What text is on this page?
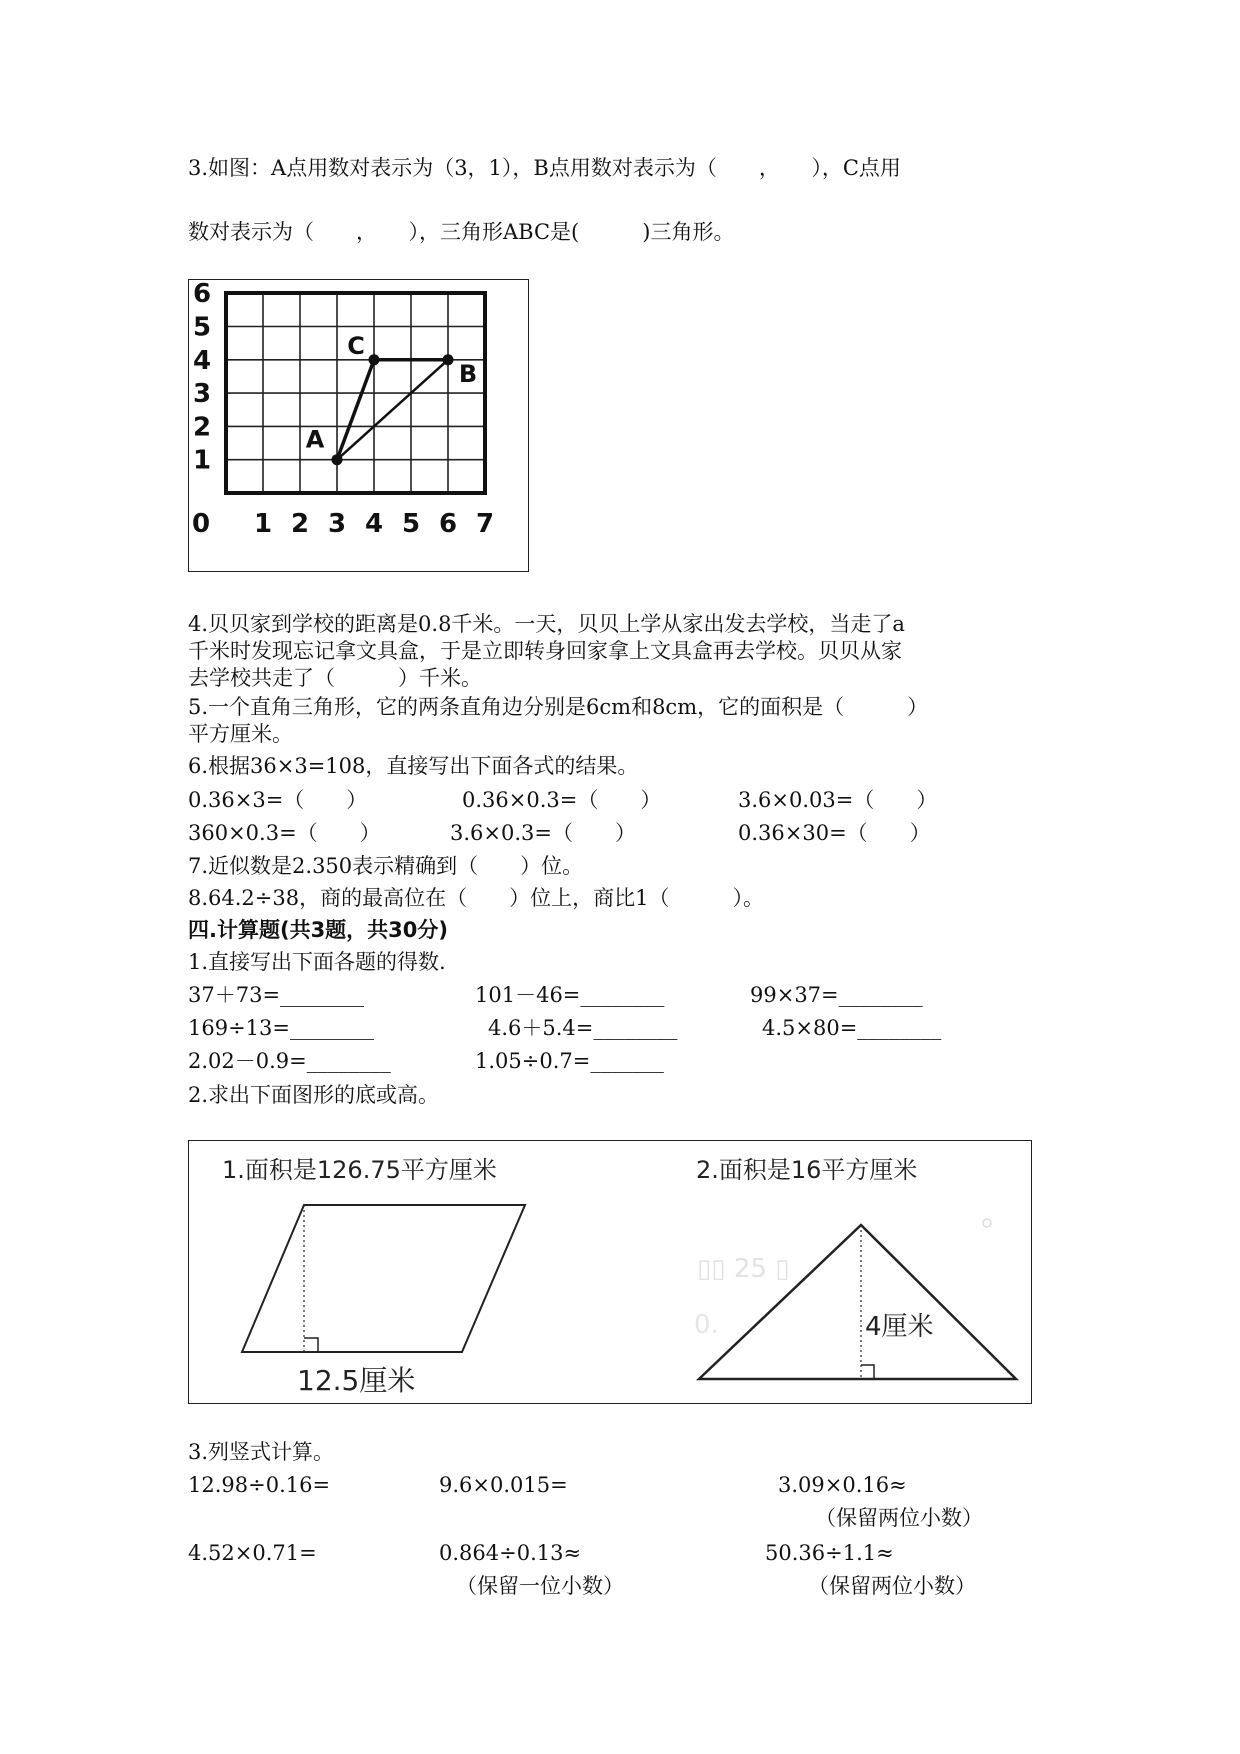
3.如图：A点用数对表示为（3，1），B点用数对表示为（　　，　　），C点用
数对表示为（　　，　　），三角形ABC是(　　　)三角形。
0 1 2 3 4 5 6 7
1
2
3
4
5
6
A
B
C
4.贝贝家到学校的距离是0.8千米。一天，贝贝上学从家出发去学校，当走了a
千米时发现忘记拿文具盒，于是立即转身回家拿上文具盒再去学校。贝贝从家
去学校共走了（　　　）千米。
5.一个直角三角形，它的两条直角边分别是6cm和8cm，它的面积是（　　　）
平方厘米。
6.根据36×3=108，直接写出下面各式的结果。
0.36×3=（　　）	0.36×0.3=（　　）	3.6×0.03=（　　）
360×0.3=（　　）	3.6×0.3=（　　）	0.36×30=（　　）
7.近似数是2.350表示精确到（　　）位。
8.64.2÷38，商的最高位在（　　）位上，商比1（　　　）。
四.计算题(共3题，共30分)
1.直接写出下面各题的得数.
37＋73=________	101－46=________	99×37=________
169÷13=________	4.6＋5.4=________	4.5×80=________
2.02－0.9=________	1.05÷0.7=_______
2.求出下面图形的底或高。
12.5厘米
1.面积是126.75平方厘米
▯▯ 25 ▯
0.	4厘米
2.面积是16平方厘米
3.列竖式计算。
12.98÷0.16=	9.6×0.015=	3.09×0.16≈
（保留两位小数）
4.52×0.71=	0.864÷0.13≈	50.36÷1.1≈
（保留一位小数）	（保留两位小数）
